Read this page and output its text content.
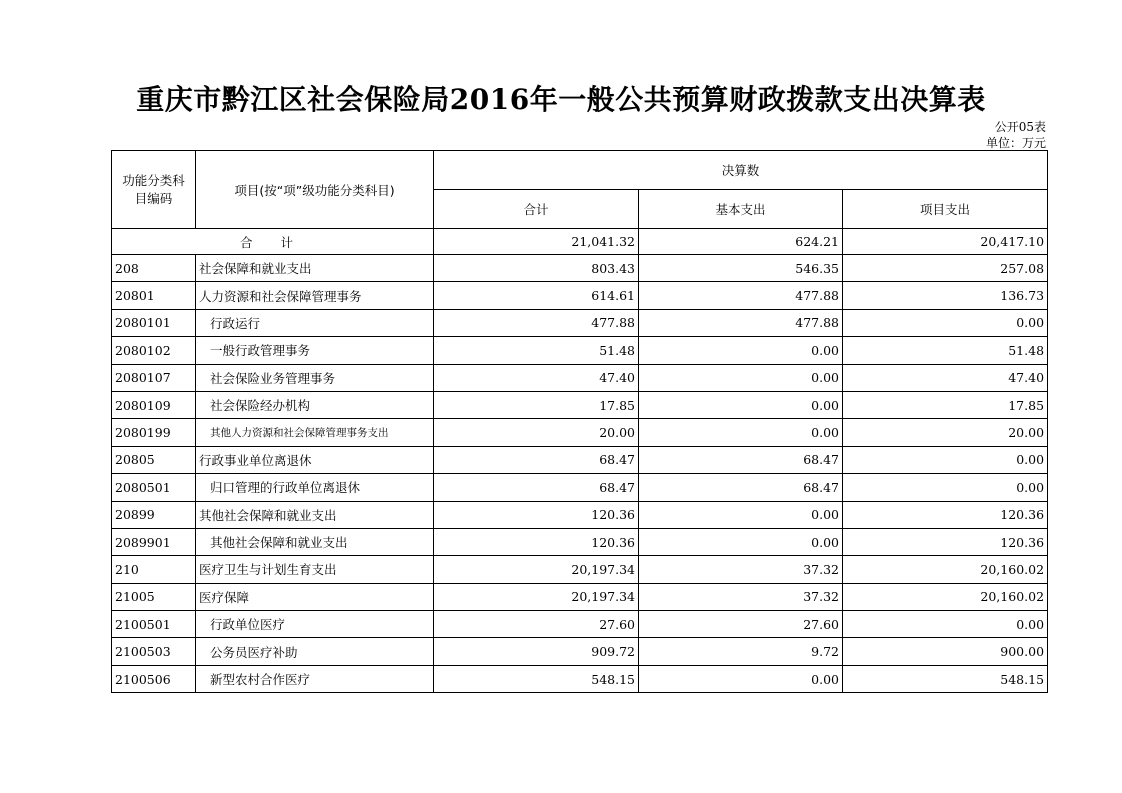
重庆市黔江区社会保险局2016年一般公共预算财政拨款支出决算表
公开05表
单位：万元
功能分类科目编码	项目(按“项”级功能分类科目)	决算数		
		合计	基本支出	项目支出
合 计		21,041.32	624.21	20,417.10
208	社会保障和就业支出	803.43	546.35	257.08
20801	人力资源和社会保障管理事务	614.61	477.88	136.73
2080101	行政运行	477.88	477.88	0.00
2080102	一般行政管理事务	51.48	0.00	51.48
2080107	社会保险业务管理事务	47.40	0.00	47.40
2080109	社会保险经办机构	17.85	0.00	17.85
2080199	其他人力资源和社会保障管理事务支出	20.00	0.00	20.00
20805	行政事业单位离退休	68.47	68.47	0.00
2080501	归口管理的行政单位离退休	68.47	68.47	0.00
20899	其他社会保障和就业支出	120.36	0.00	120.36
2089901	其他社会保障和就业支出	120.36	0.00	120.36
210	医疗卫生与计划生育支出	20,197.34	37.32	20,160.02
21005	医疗保障	20,197.34	37.32	20,160.02
2100501	行政单位医疗	27.60	27.60	0.00
2100503	公务员医疗补助	909.72	9.72	900.00
2100506	新型农村合作医疗	548.15	0.00	548.15
